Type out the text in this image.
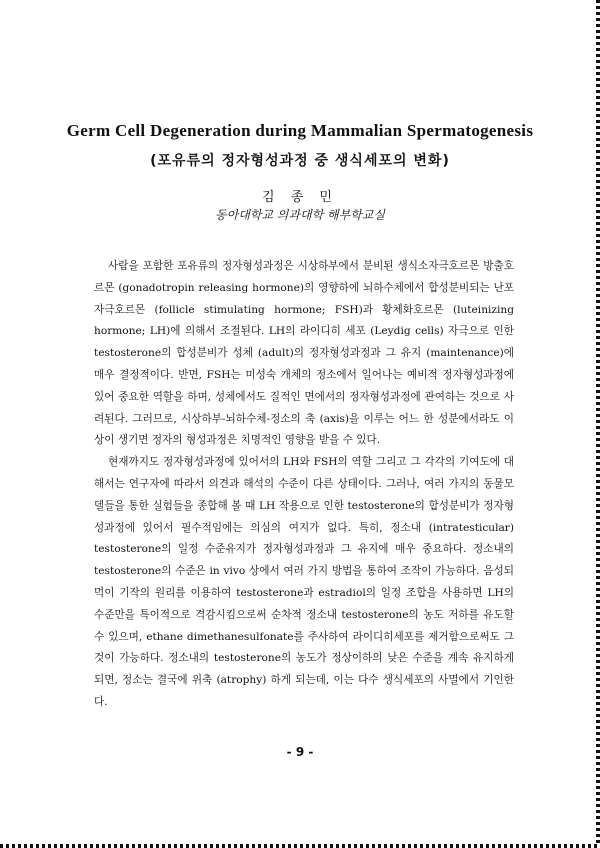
Germ Cell Degeneration during Mammalian Spermatogenesis
(포유류의 정자형성과정 중 생식세포의 변화)
김 종 민
동아대학교 의과대학 해부학교실

사람을 포함한 포유류의 정자형성과정은 시상하부에서 분비된 생식소자극호르몬 방출호르몬 (gonadotropin releasing hormone)의 영향하에 뇌하수체에서 합성분비되는 난포자극호르몬 (follicle stimulating hormone; FSH)과 황체화호르몬 (luteinizing hormone; LH)에 의해서 조절된다. LH의 라이디히 세포 (Leydig cells) 자극으로 인한 testosterone의 합성분비가 성체 (adult)의 정자형성과정과 그 유지 (maintenance)에 매우 결정적이다. 반면, FSH는 미성숙 개체의 정소에서 일어나는 예비적 정자형성과정에 있어 중요한 역할을 하며, 성체에서도 질적인 면에서의 정자형성과정에 관여하는 것으로 사려된다. 그러므로, 시상하부-뇌하수체-정소의 축 (axis)을 이루는 어느 한 성분에서라도 이상이 생기면 정자의 형성과정은 치명적인 영향을 받을 수 있다.

현재까지도 정자형성과정에 있어서의 LH와 FSH의 역할 그리고 그 각각의 기여도에 대해서는 연구자에 따라서 의견과 해석의 수준이 다른 상태이다. 그러나, 여러 가지의 동물모델들을 통한 실험들을 종합해 볼 때 LH 작용으로 인한 testosterone의 합성분비가 정자형성과정에 있어서 필수적임에는 의심의 여지가 없다. 특히, 정소내 (intratesticular) testosterone의 일정 수준유지가 정자형성과정과 그 유지에 매우 중요하다. 정소내의 testosterone의 수준은 in vivo 상에서 여러 가지 방법을 통하여 조작이 가능하다. 음성되먹이 기작의 원리를 이용하여 testosterone과 estradiol의 일정 조합을 사용하면 LH의 수준만을 특이적으로 격감시킴으로써 순차적 정소내 testosterone의 농도 저하를 유도할 수 있으며, ethane dimethanesulfonate를 주사하여 라이디히세포를 제거함으로써도 그것이 가능하다. 정소내의 testosterone의 농도가 정상이하의 낮은 수준을 계속 유지하게 되면, 정소는 결국에 위축 (atrophy) 하게 되는데, 이는 다수 생식세포의 사멸에서 기인한다.

- 9 -
